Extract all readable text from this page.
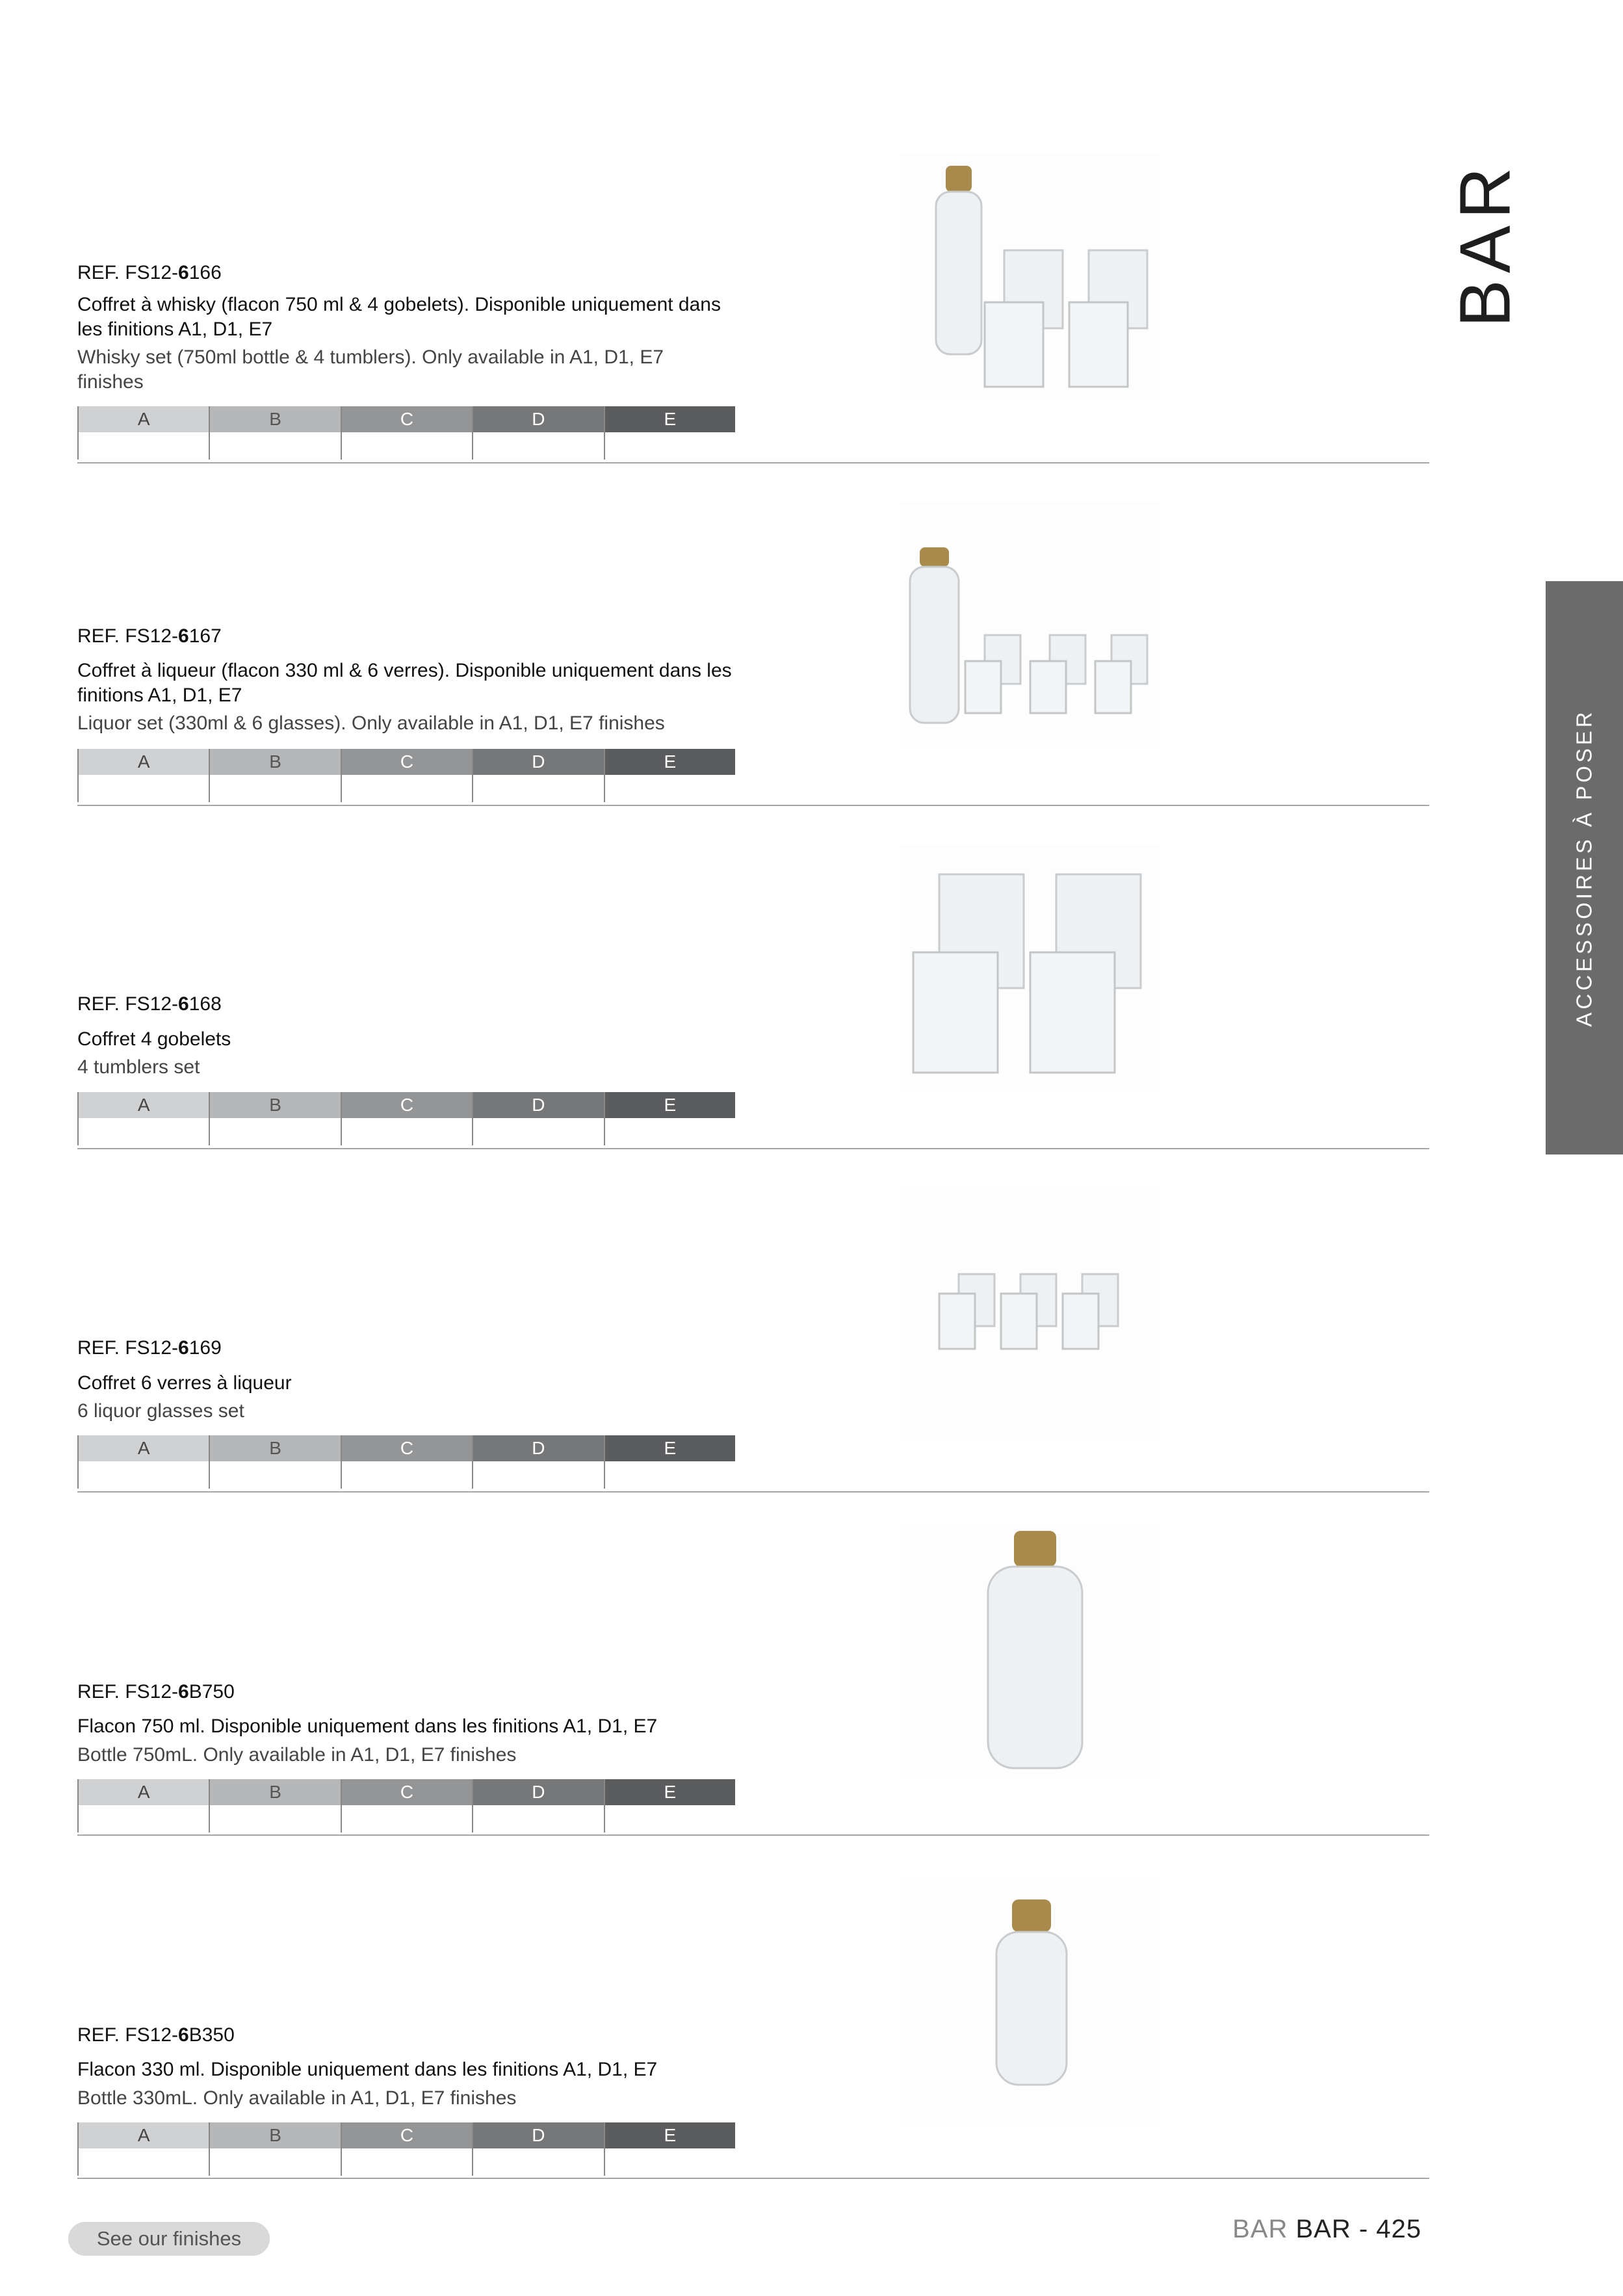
BAR
ACCESSOIRES À POSER
REF. FS12-6166
Coffret à whisky (flacon 750 ml & 4 gobelets). Disponible uniquement dans les finitions A1, D1, E7
Whisky set (750ml bottle & 4 tumblers). Only available in A1, D1, E7 finishes
A	B	C	D	E
REF. FS12-6167
Coffret à liqueur (flacon 330 ml & 6 verres). Disponible uniquement dans les finitions A1, D1, E7
Liquor set (330ml & 6 glasses). Only available in A1, D1, E7 finishes
A	B	C	D	E
REF. FS12-6168
Coffret 4 gobelets
4 tumblers set
A	B	C	D	E
REF. FS12-6169
Coffret 6 verres à liqueur
6 liquor glasses set
A	B	C	D	E
REF. FS12-6B750
Flacon 750 ml. Disponible uniquement dans les finitions A1, D1, E7
Bottle 750mL. Only available in A1, D1, E7 finishes
A	B	C	D	E
REF. FS12-6B350
Flacon 330 ml. Disponible uniquement dans les finitions A1, D1, E7
Bottle 330mL. Only available in A1, D1, E7 finishes
A	B	C	D	E
See our finishes	BAR BAR - 425
